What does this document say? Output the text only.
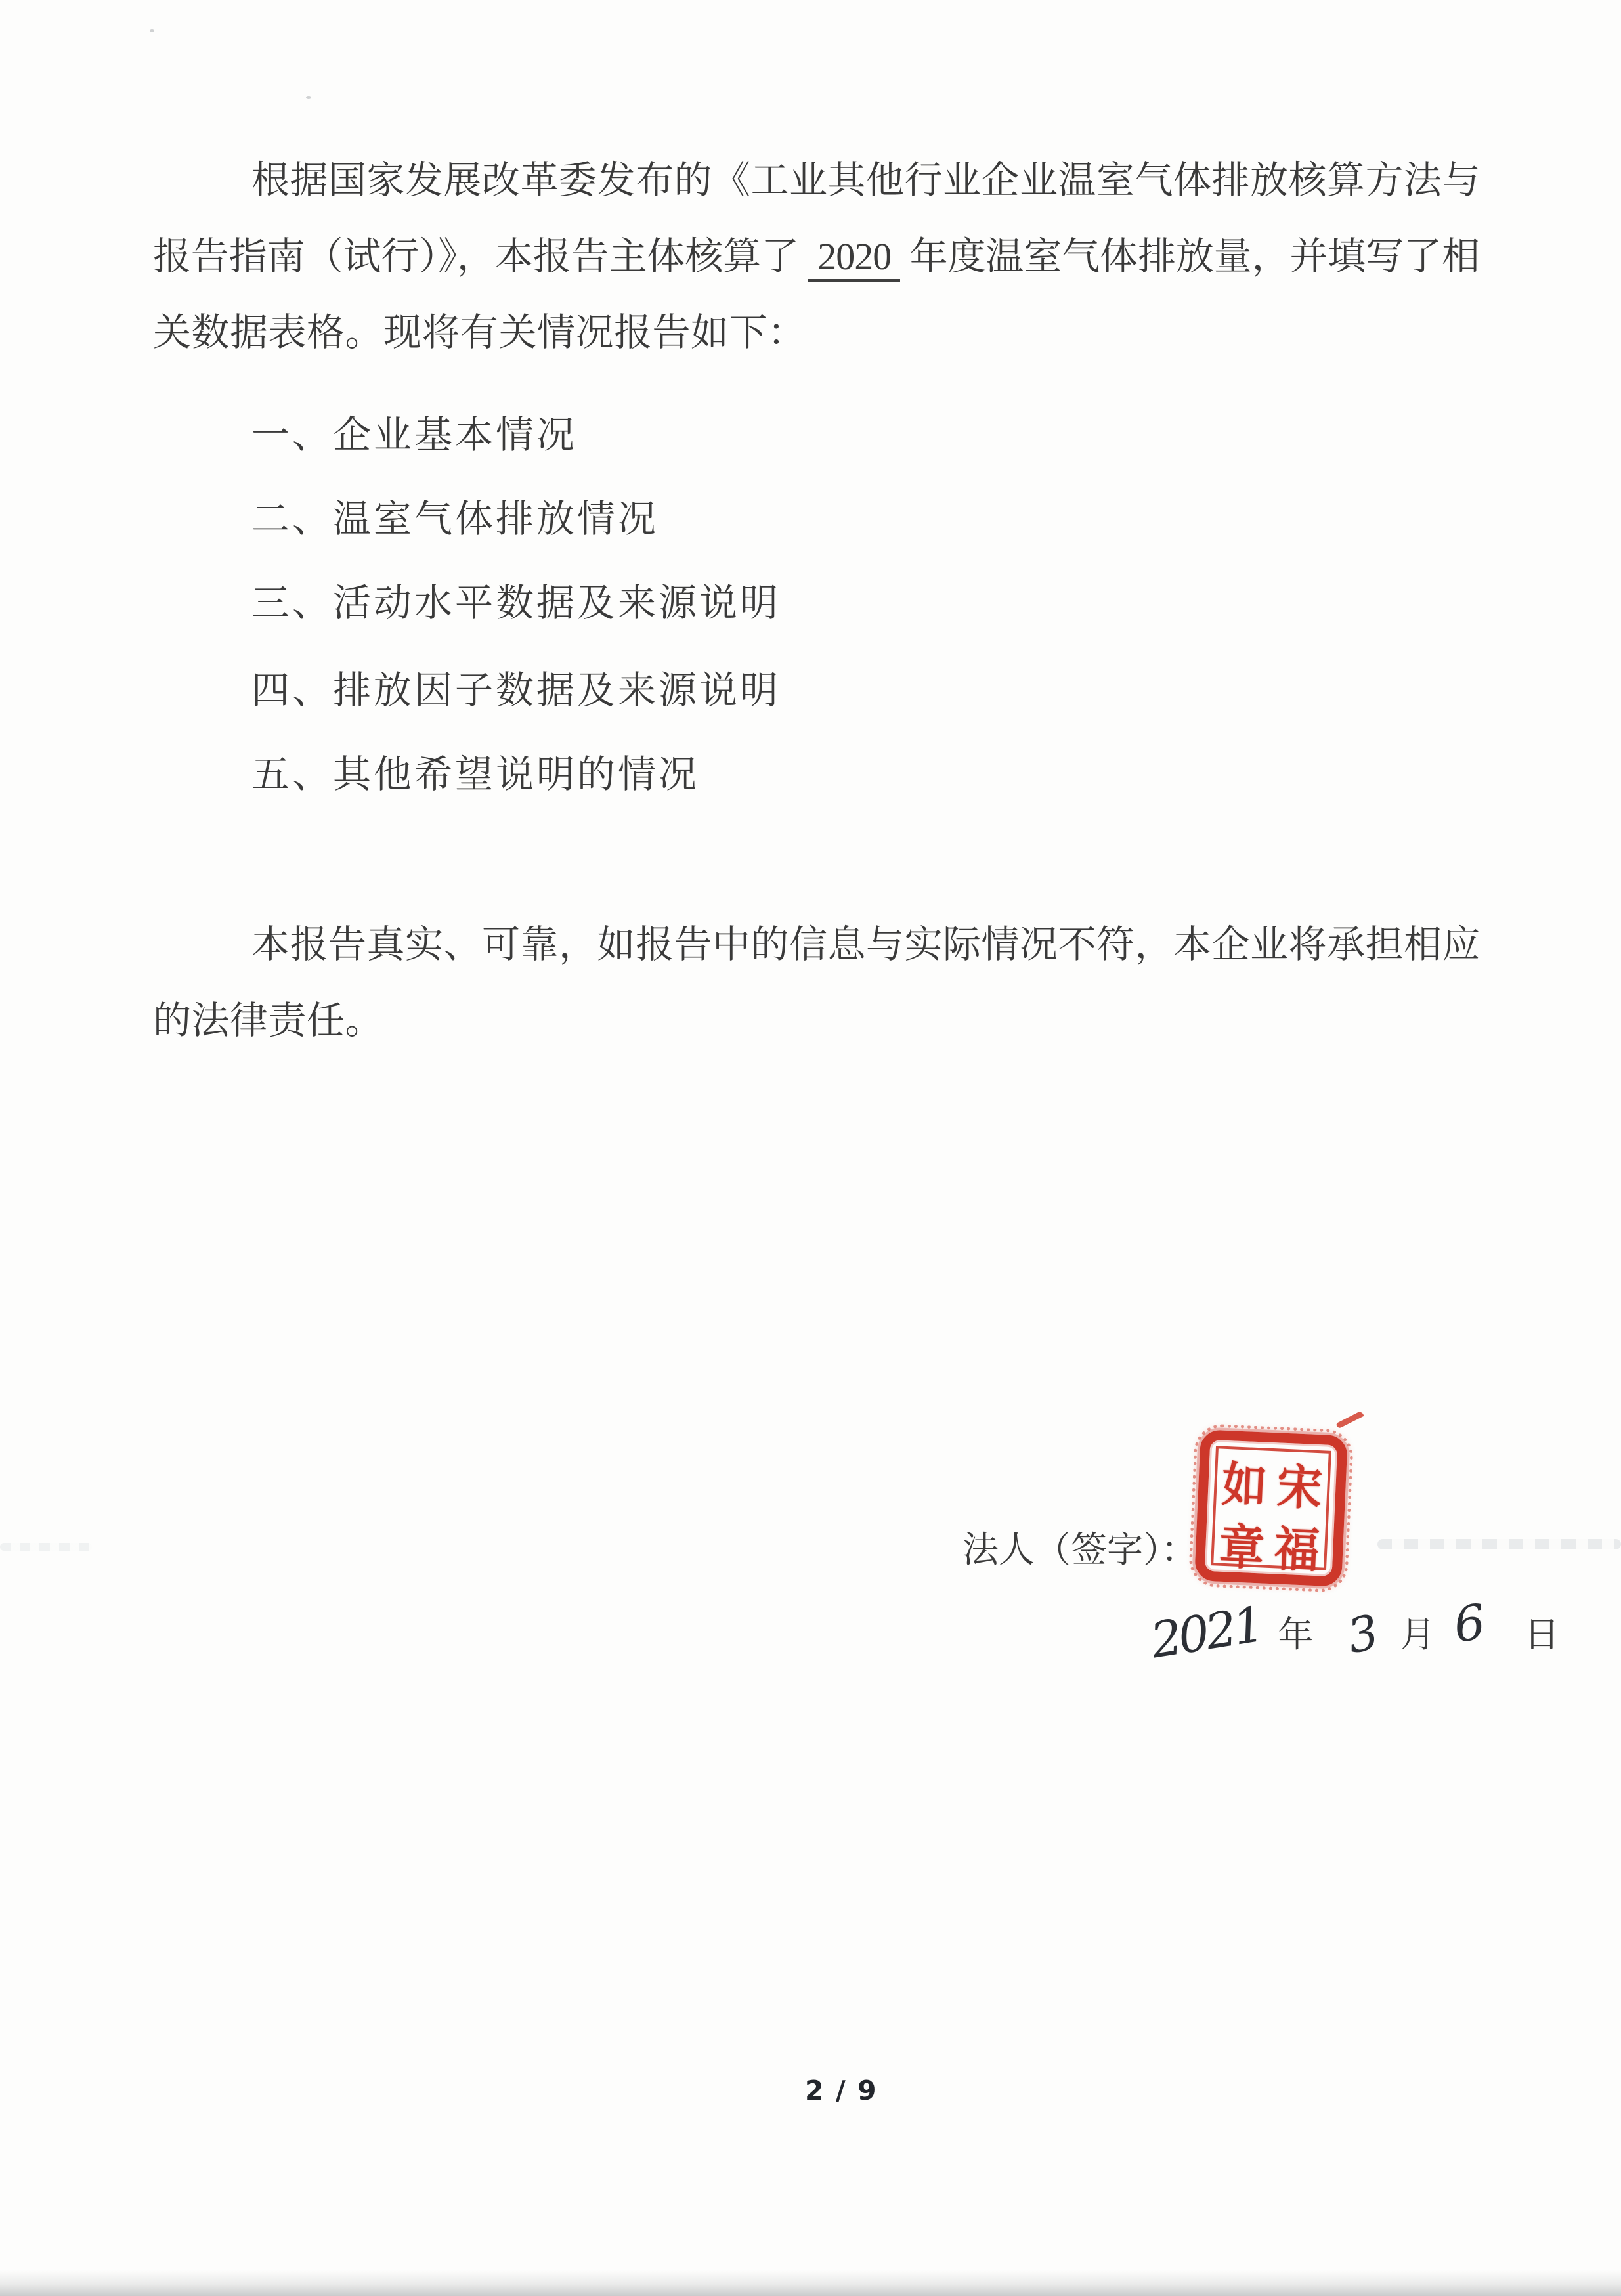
根据国家发展改革委发布的《工业其他行业企业温室气体排放核算方法与
报告指南（试行）》，本报告主体核算了 2020 年度温室气体排放量，并填写了相
关数据表格。现将有关情况报告如下：
一、企业基本情况
二、温室气体排放情况
三、活动水平数据及来源说明
四、排放因子数据及来源说明
五、其他希望说明的情况
本报告真实、可靠，如报告中的信息与实际情况不符，本企业将承担相应
的法律责任。
法人（签字）：
如 宋
章 福
2021 年 3 月 6 日
2 / 9
